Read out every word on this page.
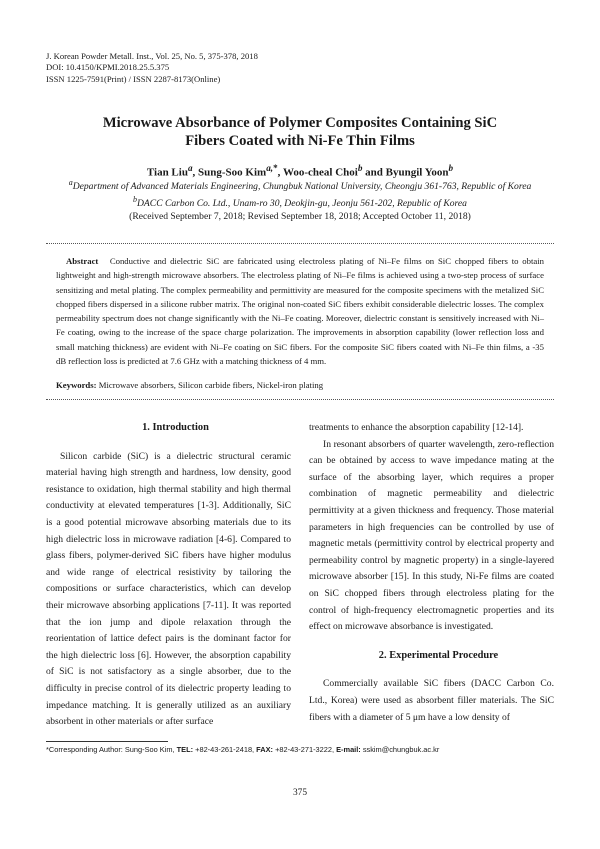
J. Korean Powder Metall. Inst., Vol. 25, No. 5, 375-378, 2018
DOI: 10.4150/KPMI.2018.25.5.375
ISSN 1225-7591(Print) / ISSN 2287-8173(Online)
Microwave Absorbance of Polymer Composites Containing SiC
Fibers Coated with Ni-Fe Thin Films
Tian Liu$^a$, Sung-Soo Kim$^{a,*}$, Woo-cheal Choi$^b$ and Byungil Yoon$^b$
$^a$Department of Advanced Materials Engineering, Chungbuk National University, Cheongju 361-763, Republic of Korea
$^b$DACC Carbon Co. Ltd., Unam-ro 30, Deokjin-gu, Jeonju 561-202, Republic of Korea
(Received September 7, 2018; Revised September 18, 2018; Accepted October 11, 2018)
Abstract Conductive and dielectric SiC are fabricated using electroless plating of Ni–Fe films on SiC chopped fibers to obtain lightweight and high-strength microwave absorbers. The electroless plating of Ni–Fe films is achieved using a two-step process of surface sensitizing and metal plating. The complex permeability and permittivity are measured for the composite specimens with the metalized SiC chopped fibers dispersed in a silicone rubber matrix. The original non-coated SiC fibers exhibit considerable dielectric losses. The complex permeability spectrum does not change significantly with the Ni–Fe coating. Moreover, dielectric constant is sensitively increased with Ni–Fe coating, owing to the increase of the space charge polarization. The improvements in absorption capability (lower reflection loss and small matching thickness) are evident with Ni–Fe coating on SiC fibers. For the composite SiC fibers coated with Ni–Fe thin films, a -35 dB reflection loss is predicted at 7.6 GHz with a matching thickness of 4 mm.
Keywords: Microwave absorbers, Silicon carbide fibers, Nickel-iron plating

1. Introduction

Silicon carbide (SiC) is a dielectric structural ceramic material having high strength and hardness, low density, good resistance to oxidation, high thermal stability and high thermal conductivity at elevated temperatures [1-3]. Additionally, SiC is a good potential microwave absorbing materials due to its high dielectric loss in microwave radiation [4-6]. Compared to glass fibers, polymer-derived SiC fibers have higher modulus and wide range of electrical resistivity by tailoring the compositions or surface characteristics, which can develop their microwave absorbing applications [7-11]. It was reported that the ion jump and dipole relaxation through the reorientation of lattice defect pairs is the dominant factor for the high dielectric loss [6]. However, the absorption capability of SiC is not satisfactory as a single absorber, due to the difficulty in precise control of its dielectric property leading to impedance matching. It is generally utilized as an auxiliary absorbent in other materials or after surface

treatments to enhance the absorption capability [12-14].

In resonant absorbers of quarter wavelength, zero-reflection can be obtained by access to wave impedance mating at the surface of the absorbing layer, which requires a proper combination of magnetic permeability and dielectric permittivity at a given thickness and frequency. Those material parameters in high frequencies can be controlled by use of magnetic metals (permittivity control by electrical property and permeability control by magnetic property) in a single-layered microwave absorber [15]. In this study, Ni-Fe films are coated on SiC chopped fibers through electroless plating for the control of high-frequency electromagnetic properties and its effect on microwave absorbance is investigated.

2. Experimental Procedure

Commercially available SiC fibers (DACC Carbon Co. Ltd., Korea) were used as absorbent filler materials. The SiC fibers with a diameter of 5 μm have a low density of

*Corresponding Author: Sung-Soo Kim, TEL: +82-43-261-2418, FAX: +82-43-271-3222, E-mail: sskim@chungbuk.ac.kr
375
